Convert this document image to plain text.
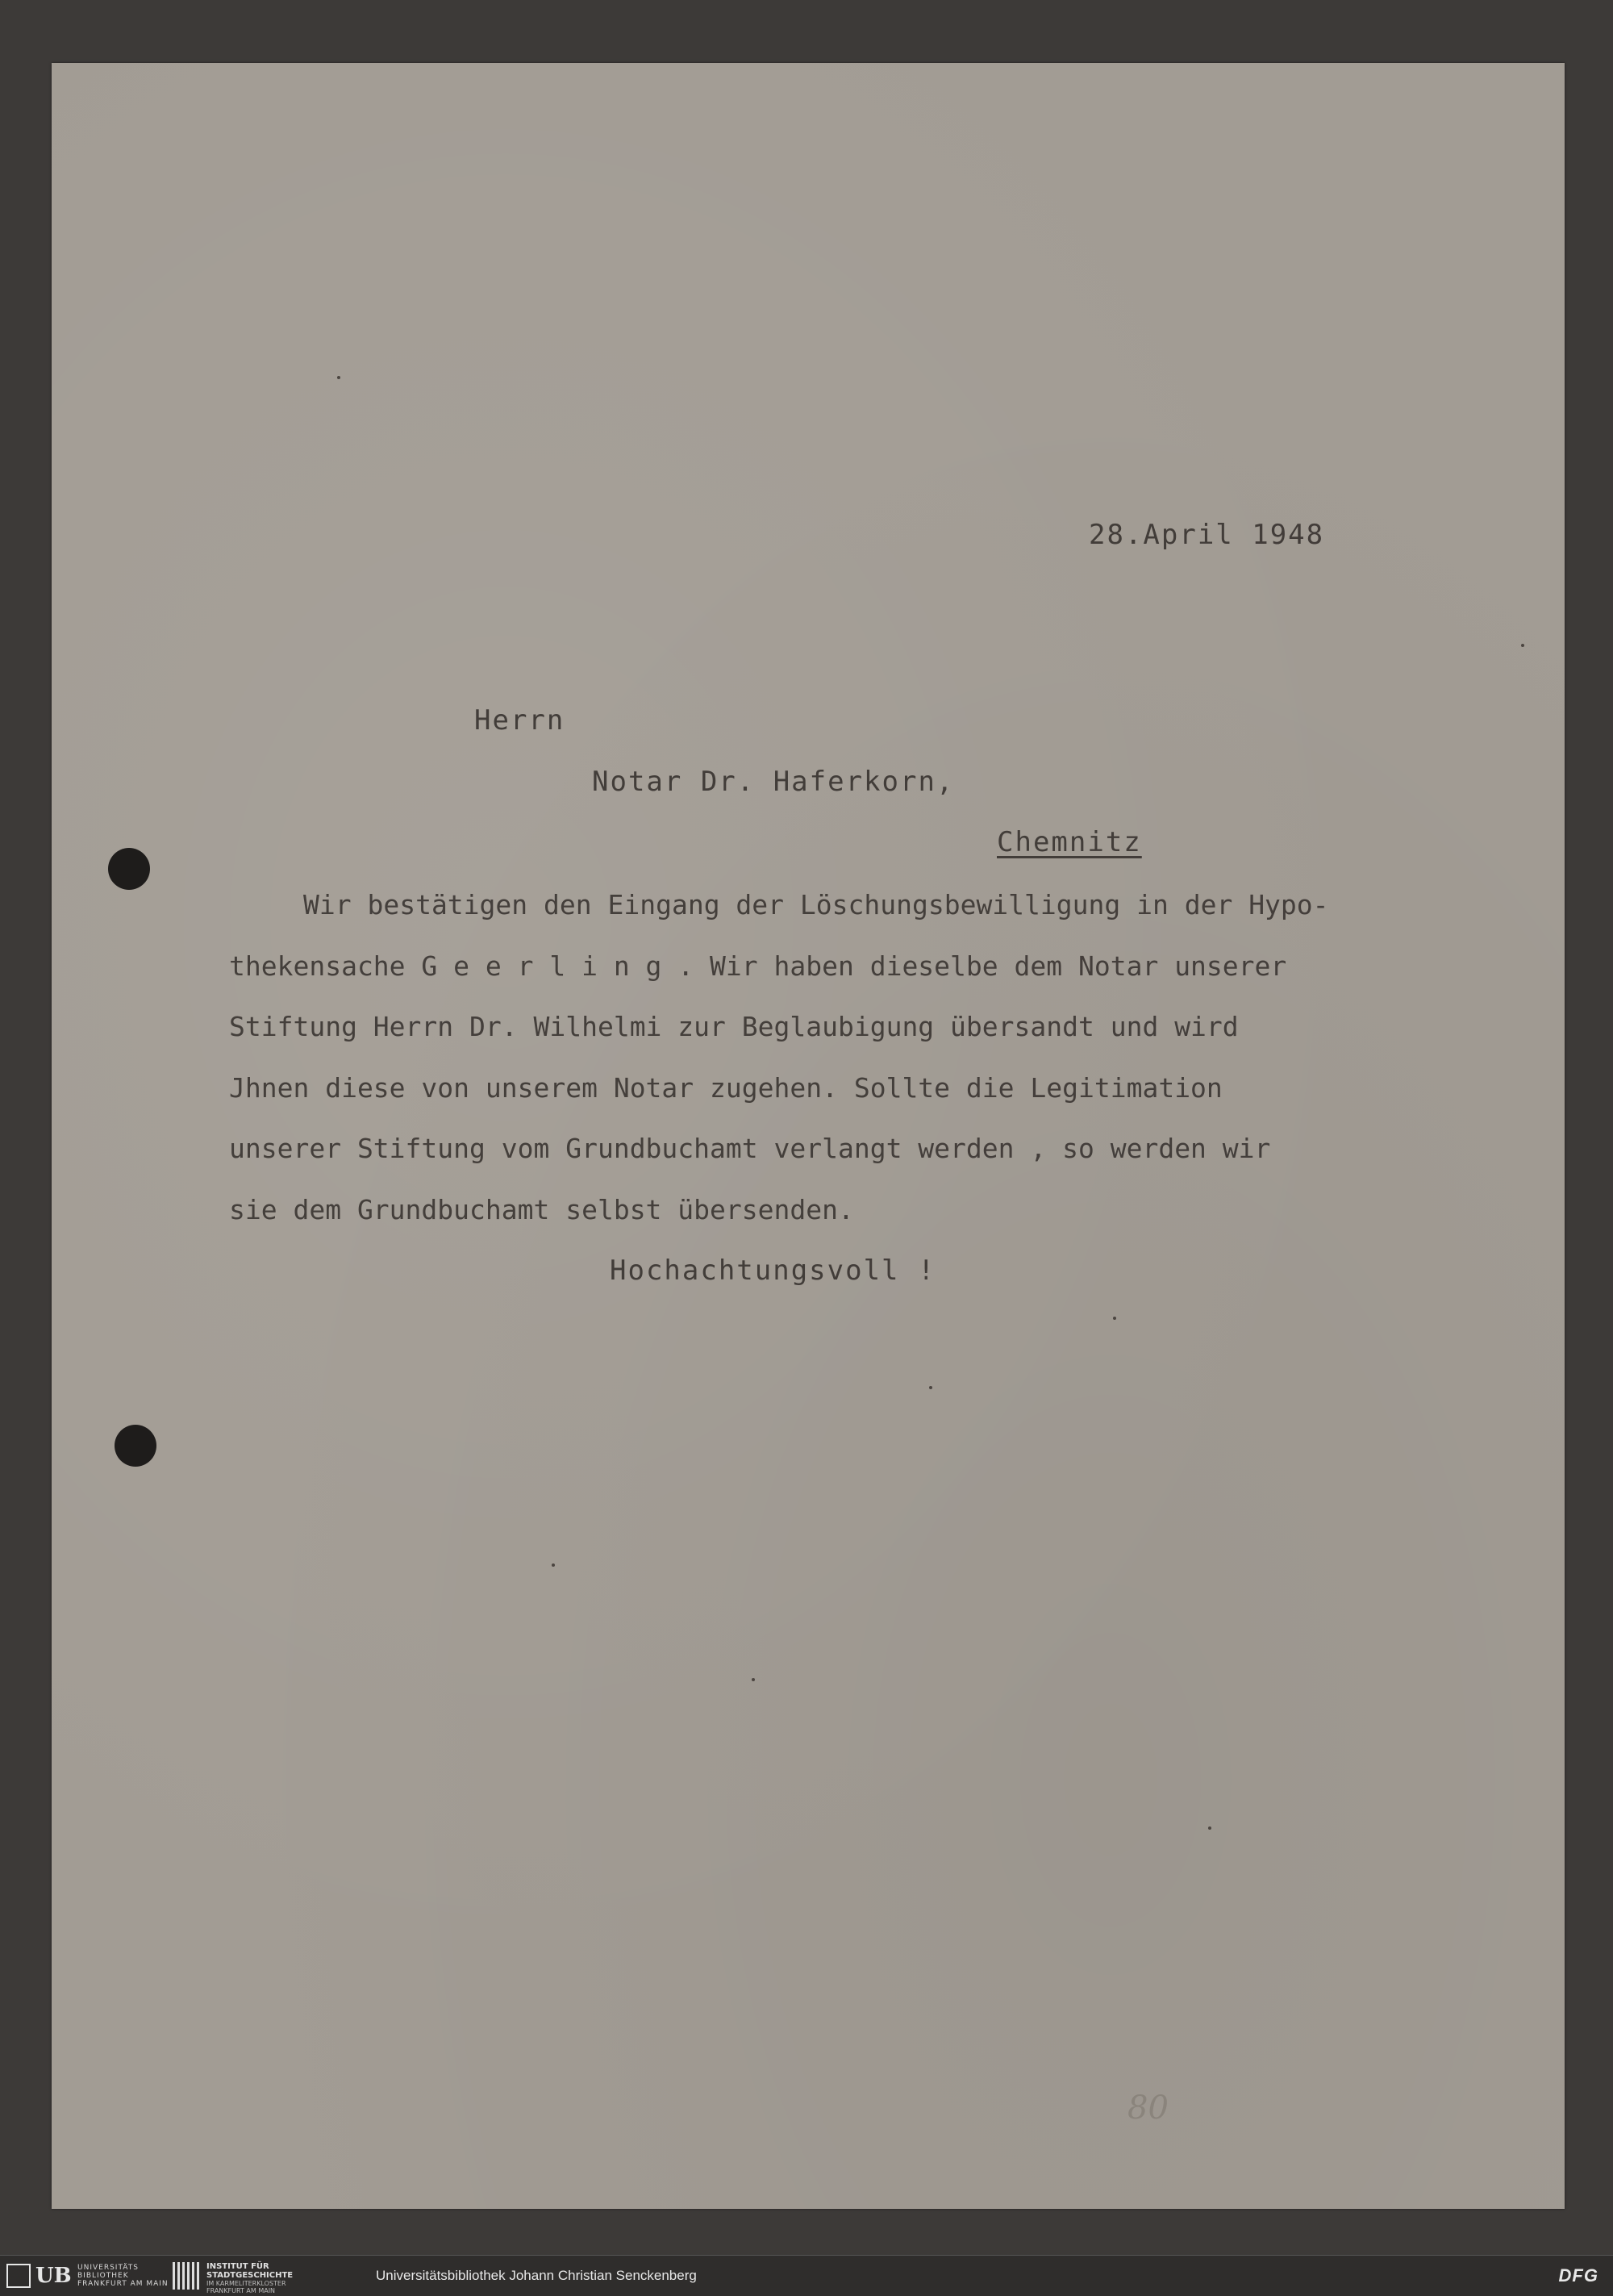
28.April 1948
Herrn
Notar Dr. Haferkorn,
Chemnitz
Wir bestätigen den Eingang der Löschungsbewilligung in der Hypo-
thekensache G e e r l i n g . Wir haben dieselbe dem Notar unserer
Stiftung Herrn Dr. Wilhelmi zur Beglaubigung übersandt und wird
Jhnen diese von unserem Notar zugehen. Sollte die Legitimation
unserer Stiftung vom Grundbuchamt verlangt werden , so werden wir
sie dem Grundbuchamt selbst übersenden.
Hochachtungsvoll !
80
UB UNIVERSITÄTS
BIBLIOTHEK
FRANKFURT AM MAIN
INSTITUT FÜR
STADTGESCHICHTE
IM KARMELITERKLOSTER
FRANKFURT AM MAIN
Universitätsbibliothek Johann Christian Senckenberg	DFG
